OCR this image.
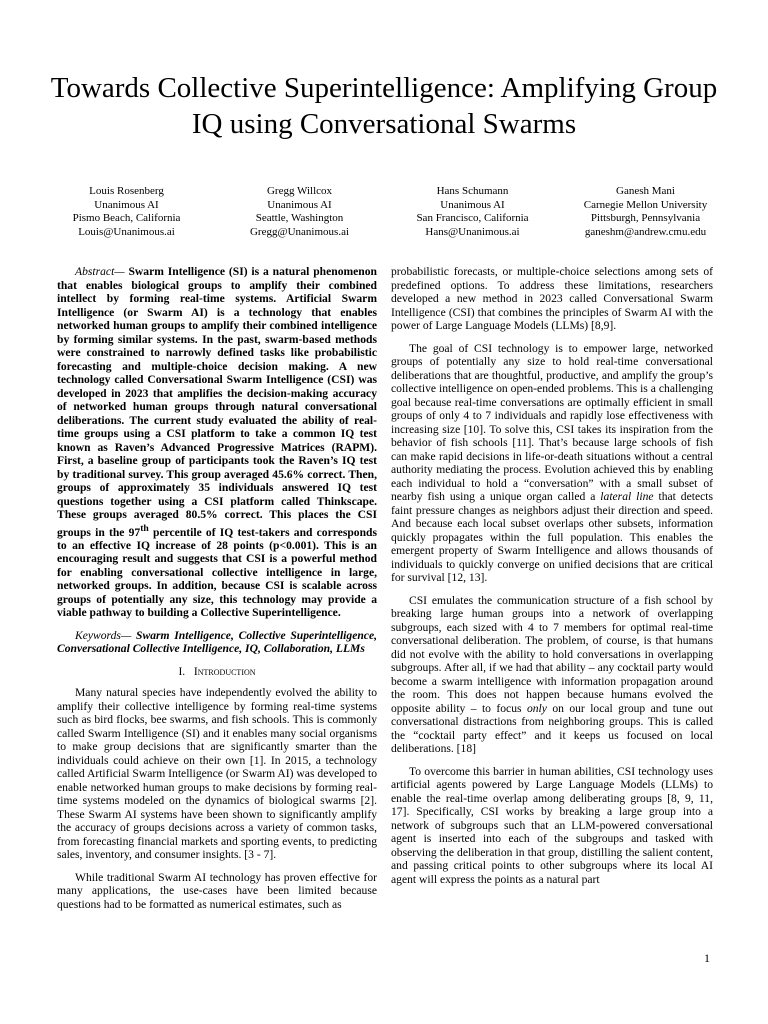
Towards Collective Superintelligence: Amplifying Group IQ using Conversational Swarms
Louis Rosenberg
Unanimous AI
Pismo Beach, California
Louis@Unanimous.ai
Gregg Willcox
Unanimous AI
Seattle, Washington
Gregg@Unanimous.ai
Hans Schumann
Unanimous AI
San Francisco, California
Hans@Unanimous.ai
Ganesh Mani
Carnegie Mellon University
Pittsburgh, Pennsylvania
ganeshm@andrew.cmu.edu

Abstract— Swarm Intelligence (SI) is a natural phenomenon that enables biological groups to amplify their combined intellect by forming real-time systems. Artificial Swarm Intelligence (or Swarm AI) is a technology that enables networked human groups to amplify their combined intelligence by forming similar systems. In the past, swarm-based methods were constrained to narrowly defined tasks like probabilistic forecasting and multiple-choice decision making. A new technology called Conversational Swarm Intelligence (CSI) was developed in 2023 that amplifies the decision-making accuracy of networked human groups through natural conversational deliberations. The current study evaluated the ability of real-time groups using a CSI platform to take a common IQ test known as Raven’s Advanced Progressive Matrices (RAPM). First, a baseline group of participants took the Raven’s IQ test by traditional survey. This group averaged 45.6% correct. Then, groups of approximately 35 individuals answered IQ test questions together using a CSI platform called Thinkscape. These groups averaged 80.5% correct. This places the CSI groups in the 97th percentile of IQ test-takers and corresponds to an effective IQ increase of 28 points (p<0.001). This is an encouraging result and suggests that CSI is a powerful method for enabling conversational collective intelligence in large, networked groups. In addition, because CSI is scalable across groups of potentially any size, this technology may provide a viable pathway to building a Collective Superintelligence.

Keywords— Swarm Intelligence, Collective Superintelligence, Conversational Collective Intelligence, IQ, Collaboration, LLMs

I. Introduction

Many natural species have independently evolved the ability to amplify their collective intelligence by forming real-time systems such as bird flocks, bee swarms, and fish schools. This is commonly called Swarm Intelligence (SI) and it enables many social organisms to make group decisions that are significantly smarter than the individuals could achieve on their own [1]. In 2015, a technology called Artificial Swarm Intelligence (or Swarm AI) was developed to enable networked human groups to make decisions by forming real-time systems modeled on the dynamics of biological swarms [2]. These Swarm AI systems have been shown to significantly amplify the accuracy of groups decisions across a variety of common tasks, from forecasting financial markets and sporting events, to predicting sales, inventory, and consumer insights. [3 - 7].

While traditional Swarm AI technology has proven effective for many applications, the use-cases have been limited because questions had to be formatted as numerical estimates, such as

probabilistic forecasts, or multiple-choice selections among sets of predefined options. To address these limitations, researchers developed a new method in 2023 called Conversational Swarm Intelligence (CSI) that combines the principles of Swarm AI with the power of Large Language Models (LLMs) [8,9].

The goal of CSI technology is to empower large, networked groups of potentially any size to hold real-time conversational deliberations that are thoughtful, productive, and amplify the group’s collective intelligence on open-ended problems. This is a challenging goal because real-time conversations are optimally efficient in small groups of only 4 to 7 individuals and rapidly lose effectiveness with increasing size [10]. To solve this, CSI takes its inspiration from the behavior of fish schools [11]. That’s because large schools of fish can make rapid decisions in life-or-death situations without a central authority mediating the process. Evolution achieved this by enabling each individual to hold a “conversation” with a small subset of nearby fish using a unique organ called a lateral line that detects faint pressure changes as neighbors adjust their direction and speed. And because each local subset overlaps other subsets, information quickly propagates within the full population. This enables the emergent property of Swarm Intelligence and allows thousands of individuals to quickly converge on unified decisions that are critical for survival [12, 13].

CSI emulates the communication structure of a fish school by breaking large human groups into a network of overlapping subgroups, each sized with 4 to 7 members for optimal real-time conversational deliberation. The problem, of course, is that humans did not evolve with the ability to hold conversations in overlapping subgroups. After all, if we had that ability – any cocktail party would become a swarm intelligence with information propagation around the room. This does not happen because humans evolved the opposite ability – to focus only on our local group and tune out conversational distractions from neighboring groups. This is called the “cocktail party effect” and it keeps us focused on local deliberations. [18]

To overcome this barrier in human abilities, CSI technology uses artificial agents powered by Large Language Models (LLMs) to enable the real-time overlap among deliberating groups [8, 9, 11, 17]. Specifically, CSI works by breaking a large group into a network of subgroups such that an LLM-powered conversational agent is inserted into each of the subgroups and tasked with observing the deliberation in that group, distilling the salient content, and passing critical points to other subgroups where its local AI agent will express the points as a natural part

1
